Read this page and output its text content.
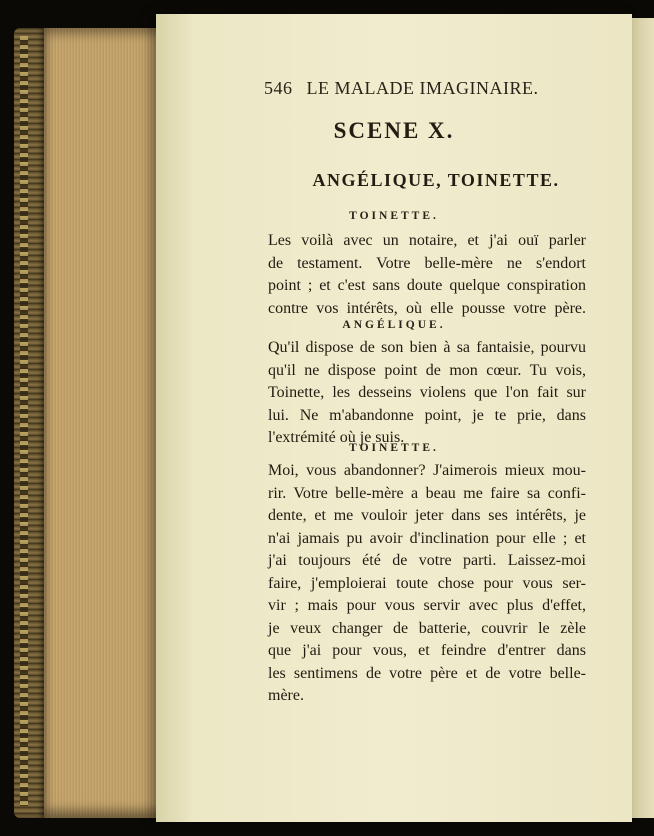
546 LE MALADE IMAGINAIRE.
SCENE X.
ANGÉLIQUE, TOINETTE.
TOINETTE.
Les voilà avec un notaire, et j'ai ouï parler
de testament. Votre belle-mère ne s'endort
point ; et c'est sans doute quelque conspiration
contre vos intérêts, où elle pousse votre père.
ANGÉLIQUE.
Qu'il dispose de son bien à sa fantaisie, pourvu
qu'il ne dispose point de mon cœur. Tu vois,
Toinette, les desseins violens que l'on fait sur
lui. Ne m'abandonne point, je te prie, dans
l'extrémité où je suis.
TOINETTE.
Moi, vous abandonner? J'aimerois mieux mou-
rir. Votre belle-mère a beau me faire sa confi-
dente, et me vouloir jeter dans ses intérêts, je
n'ai jamais pu avoir d'inclination pour elle ; et
j'ai toujours été de votre parti. Laissez-moi
faire, j'emploierai toute chose pour vous ser-
vir ; mais pour vous servir avec plus d'effet,
je veux changer de batterie, couvrir le zèle
que j'ai pour vous, et feindre d'entrer dans
les sentimens de votre père et de votre belle-
mère.
